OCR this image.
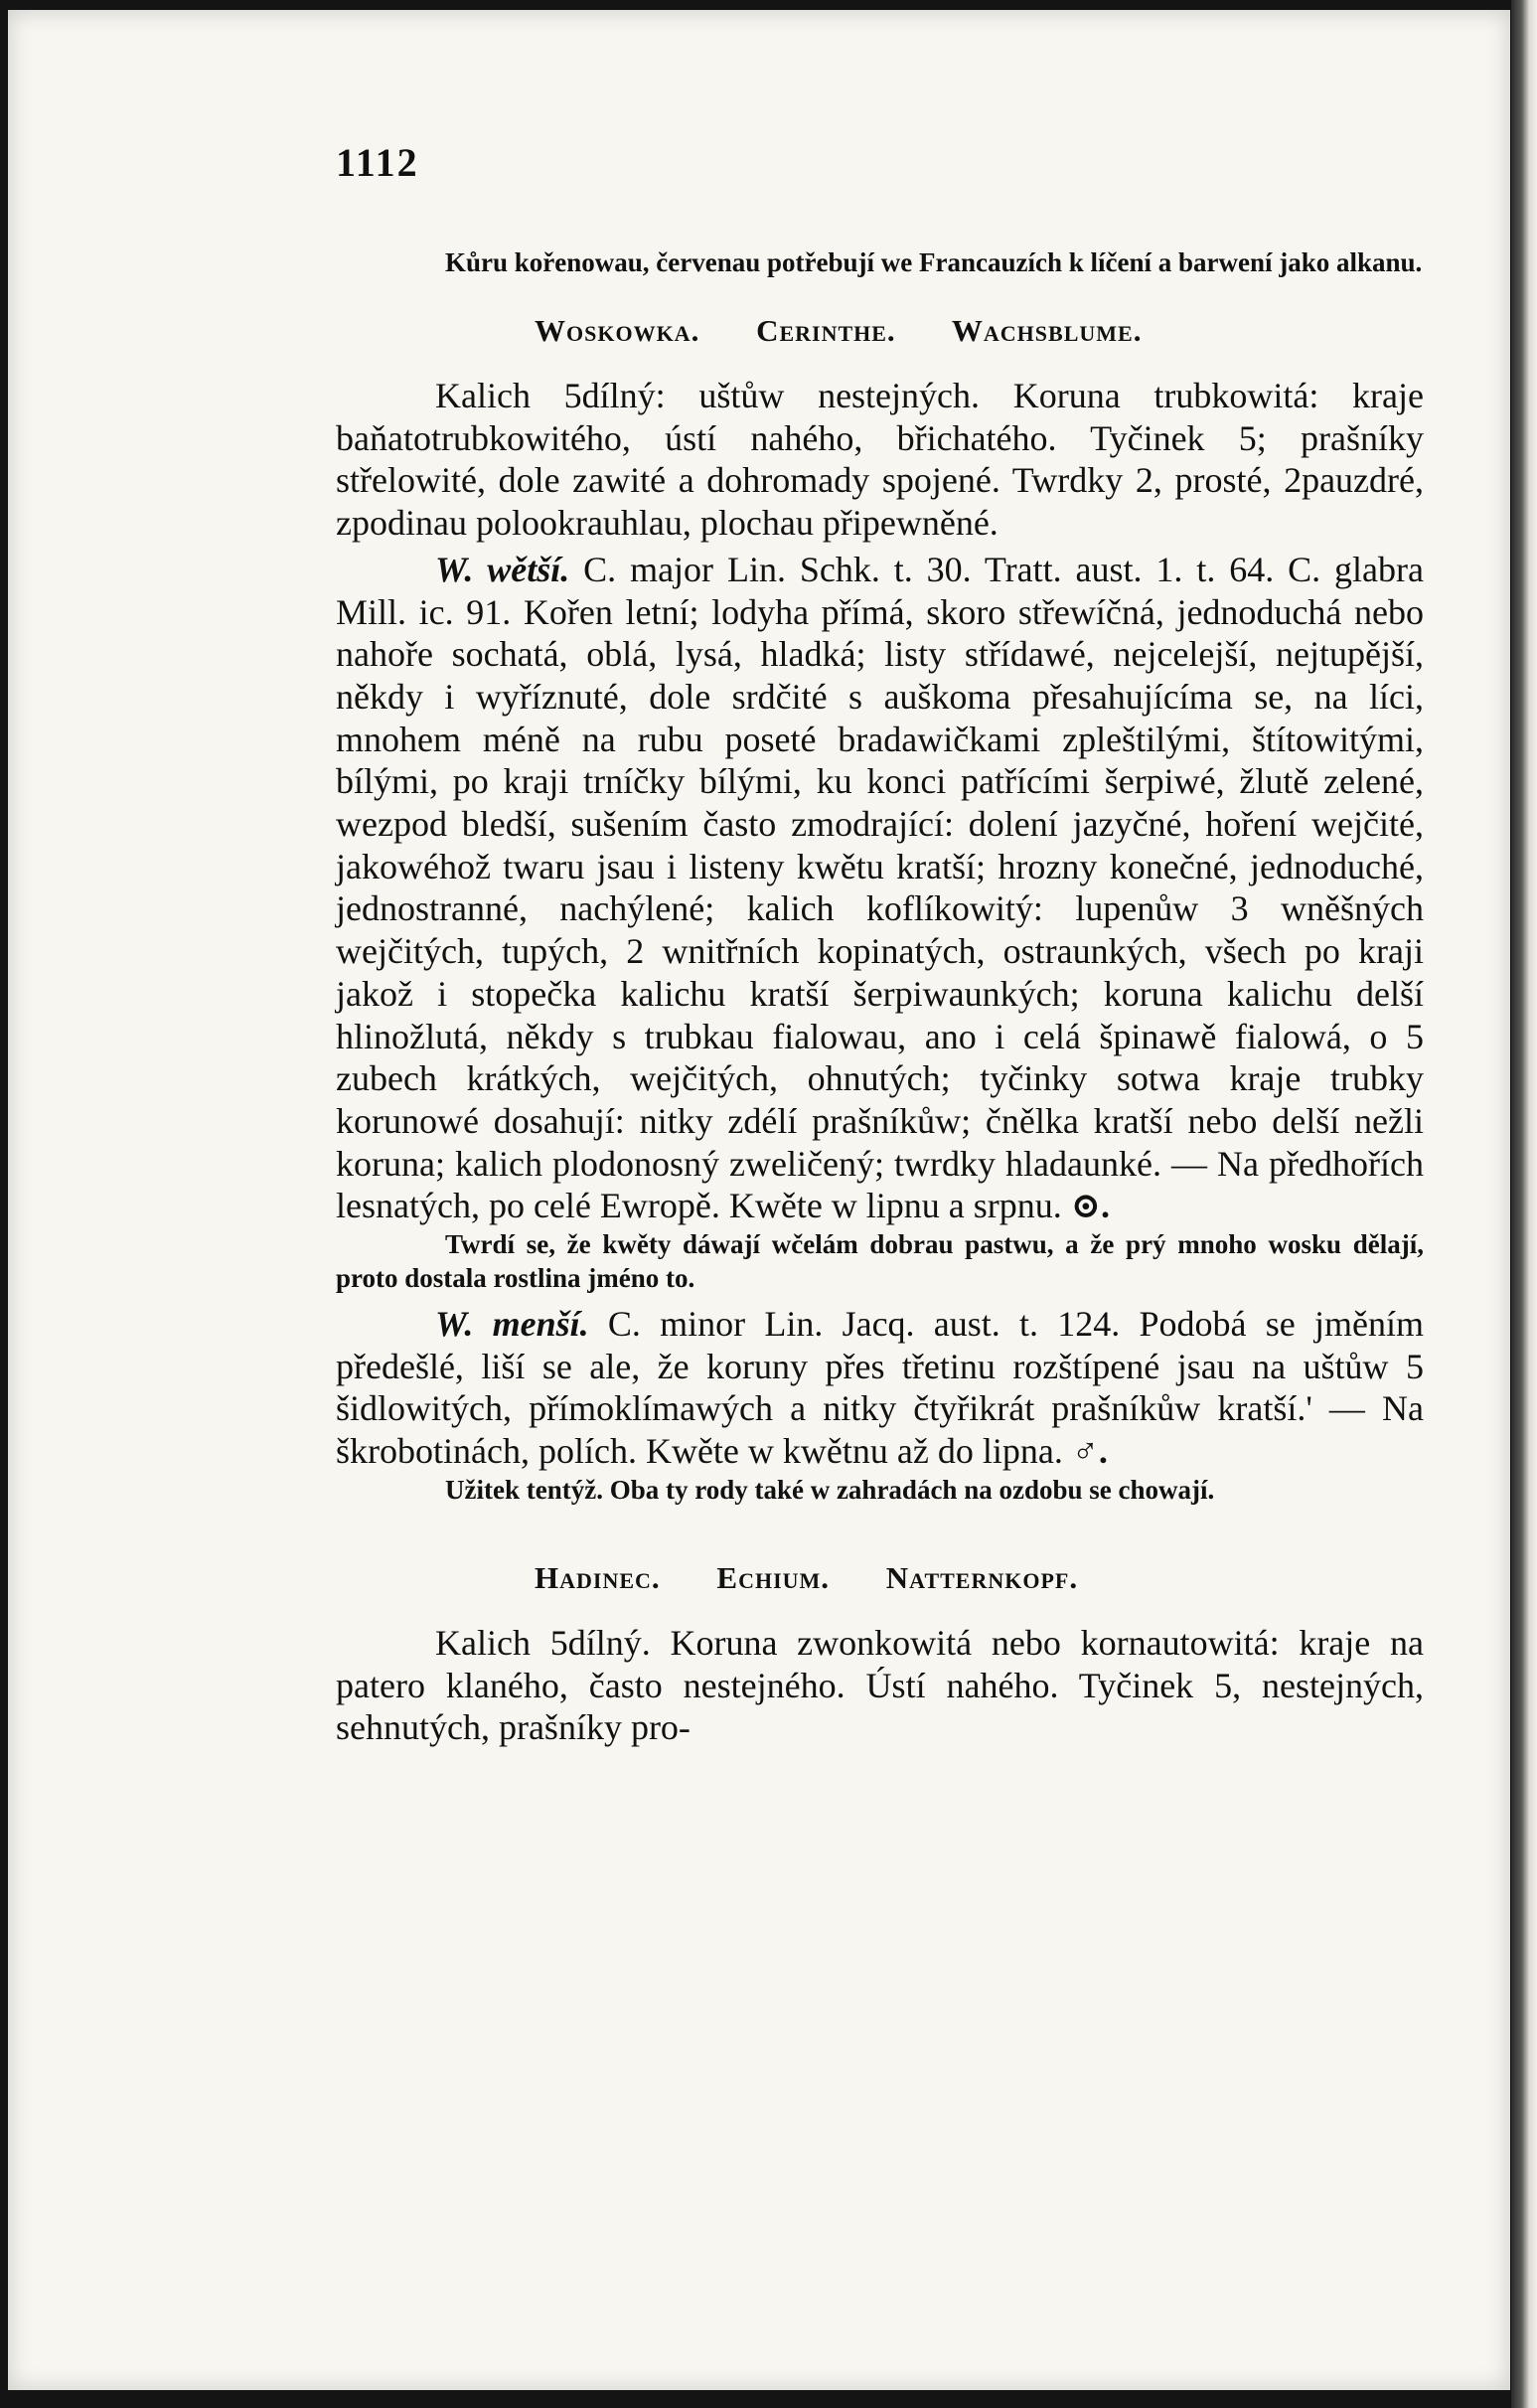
1112

Kůru kořenowau, červenau potřebují we Francauzích k líčení a barwení jako alkanu.

Woskowka. Cerinthe. Wachsblume.

Kalich 5dílný: uštůw nestejných. Koruna trubkowitá: kraje baňatotrubkowitého, ústí nahého, břichatého. Tyčinek 5; prašníky střelowité, dole zawité a dohromady spojené. Twrdky 2, prosté, 2pauzdré, zpodinau polookrauhlau, plochau připewněné.

W. wětší. C. major Lin. Schk. t. 30. Tratt. aust. 1. t. 64. C. glabra Mill. ic. 91. Kořen letní; lodyha přímá, skoro střewíčná, jednoduchá nebo nahoře sochatá, oblá, lysá, hladká; listy střídawé, nejcelejší, nejtupější, někdy i wyříznuté, dole srdčité s auškoma přesahujícíma se, na líci, mnohem méně na rubu poseté bradawičkami zpleštilými, štítowitými, bílými, po kraji trníčky bílými, ku konci patřícími šerpiwé, žlutě zelené, wezpod bledší, sušením často zmodrající: dolení jazyčné, hoření wejčité, jakowéhož twaru jsau i listeny kwětu kratší; hrozny konečné, jednoduché, jednostranné, nachýlené; kalich koflíkowitý: lupenůw 3 wněšných wejčitých, tupých, 2 wnitřních kopinatých, ostraunkých, všech po kraji jakož i stopečka kalichu kratší šerpiwaunkých; koruna kalichu delší hlinožlutá, někdy s trubkau fialowau, ano i celá špinawě fialowá, o 5 zubech krátkých, wejčitých, ohnutých; tyčinky sotwa kraje trubky korunowé dosahují: nitky zdélí prašníkůw; čnělka kratší nebo delší nežli koruna; kalich plodonosný zweličený; twrdky hladaunké. — Na předhořích lesnatých, po celé Ewropě. Kwěte w lipnu a srpnu. ⊙.

Twrdí se, že kwěty dáwají wčelám dobrau pastwu, a že prý mnoho wosku dělají, proto dostala rostlina jméno to.

W. menší. C. minor Lin. Jacq. aust. t. 124. Podobá se jměním předešlé, liší se ale, že koruny přes třetinu rozštípené jsau na uštůw 5 šidlowitých, přímoklímawých a nitky čtyřikrát prašníkůw kratší.' — Na škrobotinách, polích. Kwěte w kwětnu až do lipna. ♂.

Užitek tentýž. Oba ty rody také w zahradách na ozdobu se chowají.

Hadinec. Echium. Natternkopf.

Kalich 5dílný. Koruna zwonkowitá nebo kornautowitá: kraje na patero klaného, často nestejného. Ústí nahého. Tyčinek 5, nestejných, sehnutých, prašníky pro-
